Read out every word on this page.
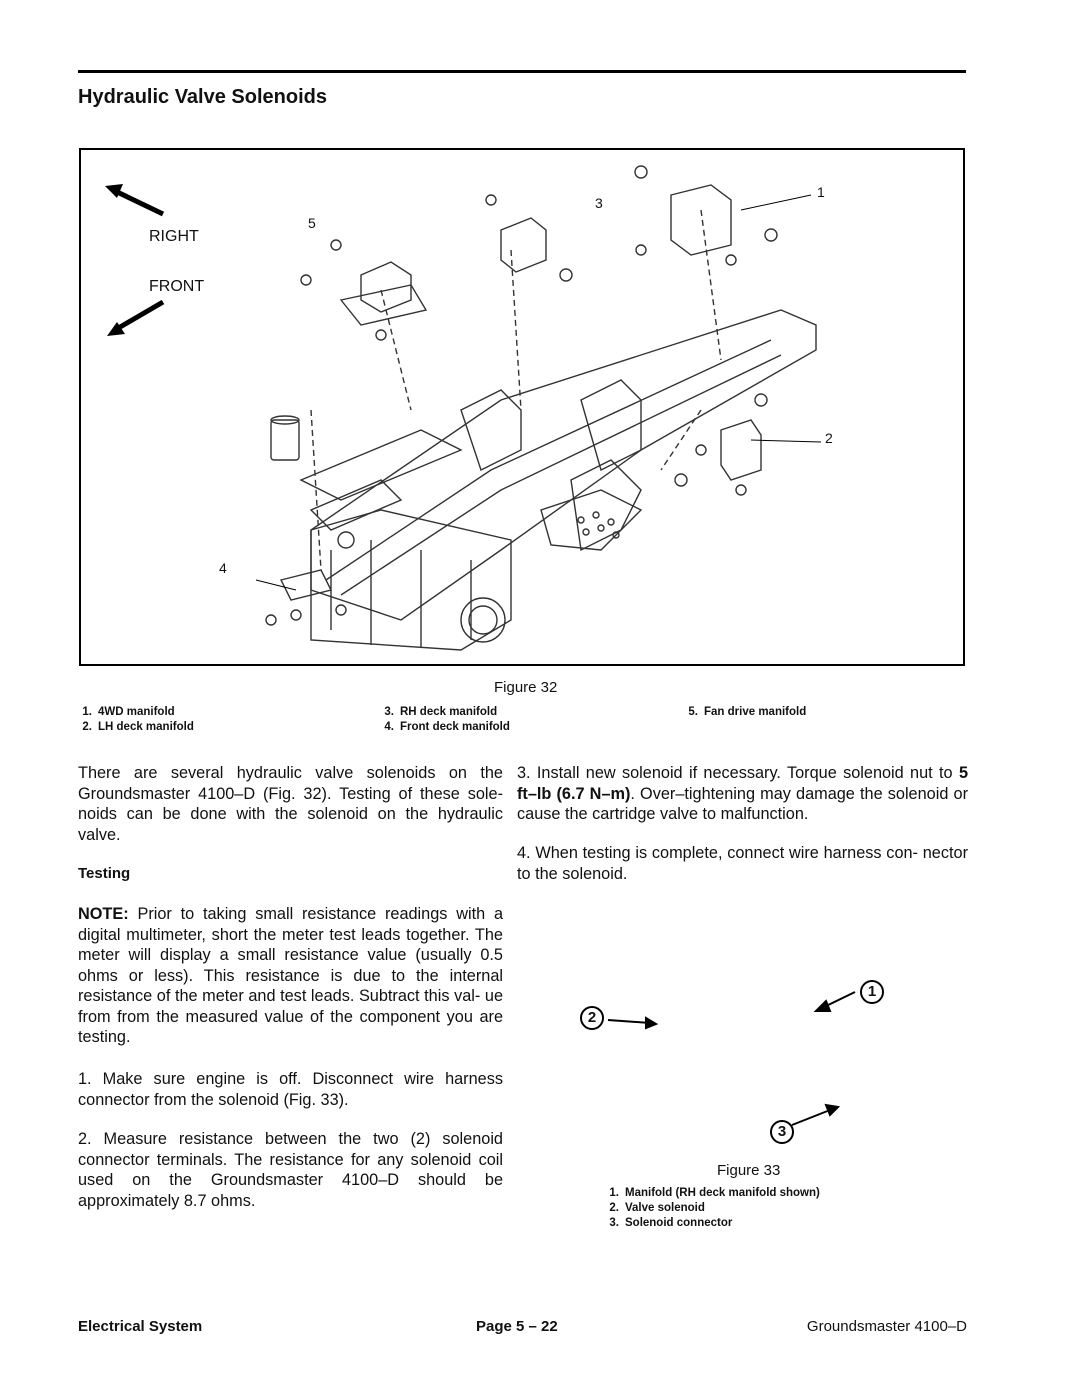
Hydraulic Valve Solenoids
RIGHT
FRONT
1
2
3
4
5
Figure 32
1. 4WD manifold
2. LH deck manifold
3. RH deck manifold
4. Front deck manifold
5. Fan drive manifold

There are several hydraulic valve solenoids on the Groundsmaster 4100–D (Fig. 32). Testing of these sole- noids can be done with the solenoid on the hydraulic valve.

Testing

NOTE: Prior to taking small resistance readings with a digital multimeter, short the meter test leads together. The meter will display a small resistance value (usually 0.5 ohms or less). This resistance is due to the internal resistance of the meter and test leads. Subtract this val- ue from from the measured value of the component you are testing.

1. Make sure engine is off. Disconnect wire harness connector from the solenoid (Fig. 33).

2. Measure resistance between the two (2) solenoid connector terminals. The resistance for any solenoid coil used on the Groundsmaster 4100–D should be approximately 8.7 ohms.

3. Install new solenoid if necessary. Torque solenoid nut to 5 ft–lb (6.7 N–m). Over–tightening may damage the solenoid or cause the cartridge valve to malfunction.

4. When testing is complete, connect wire harness con- nector to the solenoid.

1
2
3
Figure 33
1. Manifold (RH deck manifold shown)
2. Valve solenoid
3. Solenoid connector
Electrical System	Page 5 – 22	Groundsmaster 4100–D
